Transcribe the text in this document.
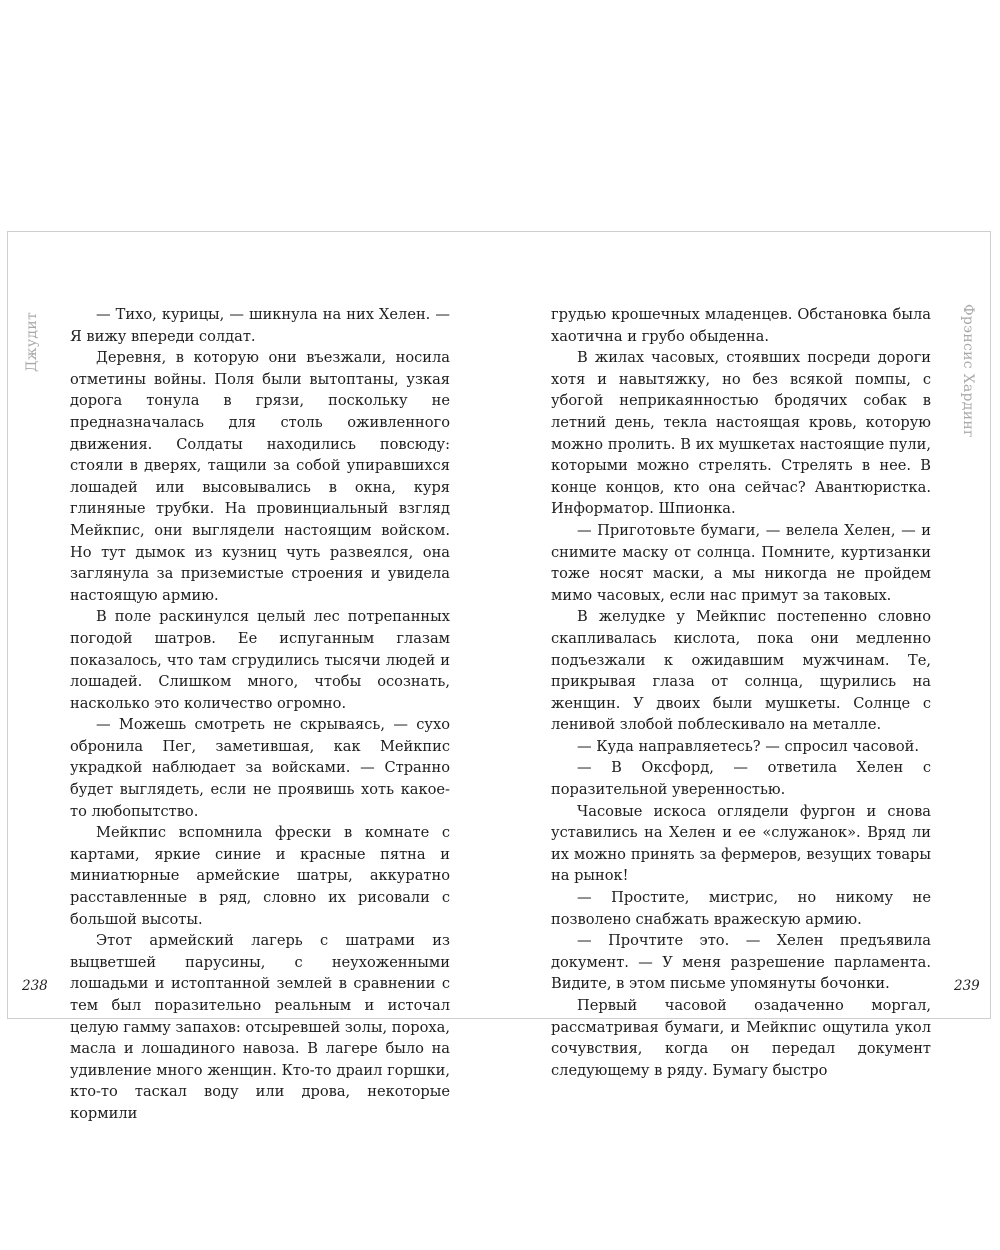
Джудит	— Тихо, курицы, — шикнула на них Хелен. — Я вижу впереди солдат.

Деревня, в которую они въезжали, носила отметины войны. Поля были вытоптаны, узкая дорога тонула в грязи, поскольку не предназначалась для столь оживленного движения. Солдаты находились повсюду: стояли в дверях, тащили за собой упиравшихся лошадей или высовывались в окна, куря глиняные трубки. На провинциальный взгляд Мейкпис, они выглядели настоящим войском. Но тут дымок из кузниц чуть развеялся, она заглянула за приземистые строения и увидела настоящую армию.

В поле раскинулся целый лес потрепанных погодой шатров. Ее испуганным глазам показалось, что там сгрудились тысячи людей и лошадей. Слишком много, чтобы осознать, насколько это количество огромно.

— Можешь смотреть не скрываясь, — сухо обронила Пег, заметившая, как Мейкпис украдкой наблюдает за войсками. — Странно будет выглядеть, если не проявишь хоть какое-то любопытство.

Мейкпис вспомнила фрески в комнате с картами, яркие синие и красные пятна и миниатюрные армейские шатры, аккуратно расставленные в ряд, словно их рисовали с большой высоты.

Этот армейский лагерь с шатрами из выцветшей парусины, с неухоженными лошадьми и истоптанной землей в сравнении с тем был поразительно реальным и источал целую гамму запахов: отсыревшей золы, пороха, масла и лошадиного навоза. В лагере было на удивление много женщин. Кто-то драил горшки, кто-то таскал воду или дрова, некоторые кормили

238
Фрэнсис Хардинг

грудью крошечных младенцев. Обстановка была хаотична и грубо обыденна.

В жилах часовых, стоявших посреди дороги хотя и навытяжку, но без всякой помпы, с убогой неприкаянностью бродячих собак в летний день, текла настоящая кровь, которую можно пролить. В их мушкетах настоящие пули, которыми можно стрелять. Стрелять в нее. В конце концов, кто она сейчас? Авантюристка. Информатор. Шпионка.

— Приготовьте бумаги, — велела Хелен, — и снимите маску от солнца. Помните, куртизанки тоже носят маски, а мы никогда не пройдем мимо часовых, если нас примут за таковых.

В желудке у Мейкпис постепенно словно скапливалась кислота, пока они медленно подъезжали к ожидавшим мужчинам. Те, прикрывая глаза от солнца, щурились на женщин. У двоих были мушкеты. Солнце с ленивой злобой поблескивало на металле.

— Куда направляетесь? — спросил часовой.

— В Оксфорд, — ответила Хелен с поразительной уверенностью.

Часовые искоса оглядели фургон и снова уставились на Хелен и ее «служанок». Вряд ли их можно принять за фермеров, везущих товары на рынок!

— Простите, мистрис, но никому не позволено снабжать вражескую армию.

— Прочтите это. — Хелен предъявила документ. — У меня разрешение парламента. Видите, в этом письме упомянуты бочонки.

Первый часовой озадаченно моргал, рассматривая бумаги, и Мейкпис ощутила укол сочувствия, когда он передал документ следующему в ряду. Бумагу быстро

239
